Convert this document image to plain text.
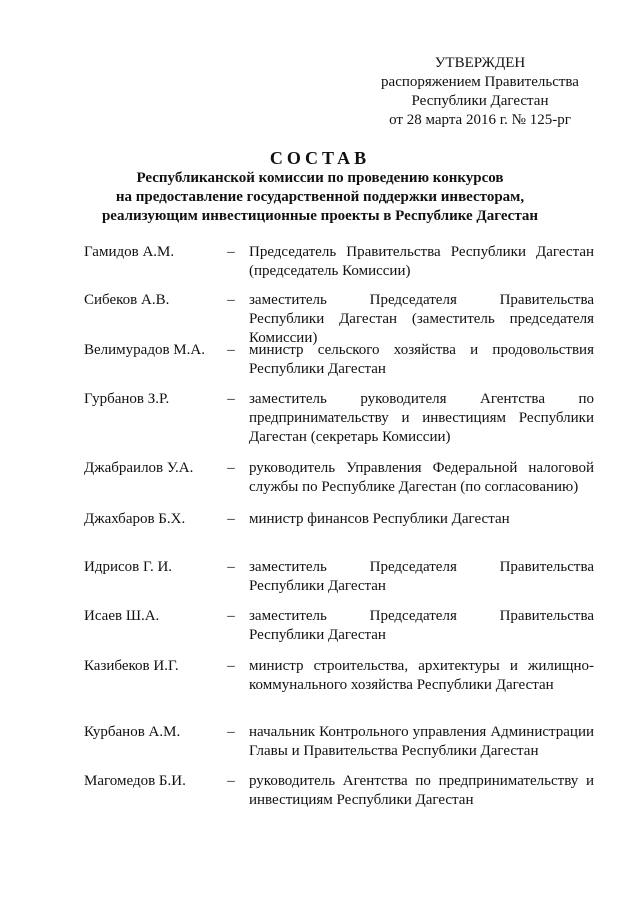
УТВЕРЖДЕН
распоряжением Правительства
Республики Дагестан
от 28 марта 2016 г. № 125-рг
СОСТАВ
Республиканской комиссии по проведению конкурсов
на предоставление государственной поддержки инвесторам,
реализующим инвестиционные проекты в Республике Дагестан
Гамидов А.М.	– Председатель Правительства Республики Дагестан (председатель Комиссии)
Сибеков А.В.	– заместитель Председателя Правительства Республики Дагестан (заместитель председателя Комиссии)
Велимурадов М.А.	– министр сельского хозяйства и продовольствия Республики Дагестан
Гурбанов З.Р.	– заместитель руководителя Агентства по предпринимательству и инвестициям Республики Дагестан (секретарь Комиссии)
Джабраилов У.А.	– руководитель Управления Федеральной налоговой службы по Республике Дагестан (по согласованию)
Джахбаров Б.Х.	– министр финансов Республики Дагестан
Идрисов Г. И.	– заместитель Председателя Правительства Республики Дагестан
Исаев Ш.А.	– заместитель Председателя Правительства Республики Дагестан
Казибеков И.Г.	– министр строительства, архитектуры и жилищно-коммунального хозяйства Республики Дагестан
Курбанов А.М.	– начальник Контрольного управления Администрации Главы и Правительства Республики Дагестан
Магомедов Б.И.	– руководитель Агентства по предпринимательству и инвестициям Республики Дагестан
